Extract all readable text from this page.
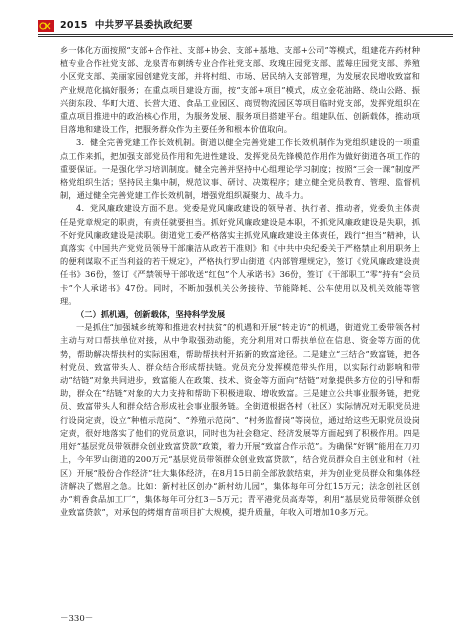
2015 中共罗平县委执政纪要

乡一体化方面按照“支部+合作社、支部+协会、支部+基地、支部+公司”等模式，组建花卉药材种植专业合作社党支部、龙泉青布刺绣专业合作社党支部、玫瑰庄园党支部、蓝莓庄园党支部、养殖小区党支部、美丽家园创建党支部，并将村组、市场、居民纳入支部管理，为发展农民增收致富和产业规范化搞好服务；在重点项目建设方面，按“支部+项目”模式，成立金花油路、绕山公路、振兴街东段、华町大道、长营大道、食品工业园区、商贸物流园区等项目临时党支部，发挥党组织在重点项目推进中的政治核心作用，为服务发展、服务项目搭建平台。组建队伍、创新载体，推动项目落地和建设工作，把服务群众作为主要任务和根本价值取向。

3．健全完善党建工作长效机制。街道以健全完善党建工作长效机制作为党组织建设的一项重点工作来抓，把加强支部党员作用和先进性建设、发挥党员先锋模范作用作为做好街道各项工作的重要保证。一是强化学习培训制度。健全完善并坚持中心组理论学习制度；按照“三会一课”制度严格党组织生活；坚持民主集中制，规范议事、研讨、决策程序；建立健全党员教育、管理、监督机制，通过健全完善党建工作长效机制，增强党组织凝聚力、战斗力。

4．党风廉政建设方面不息。党委是党风廉政建设的领导者、执行者、推动者，党委负主体责任是党章规定的职责，有责任就要担当。抓好党风廉政建设是本职，不抓党风廉政建设是失职，抓不好党风廉政建设是渎职。街道党工委严格落实主抓党风廉政建设主体责任，践行“担当”精神，认真落实《中国共产党党员领导干部廉洁从政若干准则》和《中共中央纪委关于严格禁止利用职务上的便利谋取不正当利益的若干规定》，严格执行罗山街道《内部管理规定》，签订《党风廉政建设责任书》36份，签订《严禁领导干部收送“红包”个人承诺书》36份，签订《干部职工“零”持有“会员卡”个人承诺书》47份。同时，不断加强机关公务接待、节能降耗、公车使用以及机关效能等管理。

（二）抓机遇，创新载体，坚持科学发展

一是抓住“加强城乡统筹和推进农村扶贫”的机遇和开展“转走访”的机遇，街道党工委带领各村主动与对口帮扶单位对接，从中争取强劲动能，充分利用对口帮扶单位在信息、资金等方面的优势，帮助解决帮扶村的实际困难，帮助帮扶村开拓新的致富途径。二是建立“三结合”致富链，把各村党员、致富带头人、群众结合形成帮扶链。党员充分发挥模范带头作用，以实际行动影响和带动“结链”对象共同进步，致富能人在政策、技术、资金等方面向“结链”对象提供多方位的引导和帮助，群众在“结链”对象的大力支持和帮助下积极进取、增收致富。三是建立公共事业服务链，把党员、致富带头人和群众结合形成社会事业服务链。全街道根据各村（社区）实际情况对无职党员进行设岗定责，设立“种植示范岗”、“养殖示范岗”、“村务监督岗”等岗位，通过给这些无职党员设岗定责，很好地落实了他们的党员意识，同时也为社会稳定、经济发展等方面起到了积极作用。四是用好“基层党员带领群众创业致富贷款”政策，着力开展“致富合作示范”。为确保“好钢”能用在刀刃上，今年罗山街道的200万元“基层党员带领群众创业致富贷款”，结合党员群众自主创业和村（社区）开展“股份合作经济”壮大集体经济，在8月15日前全部放款结束，并为创业党员群众和集体经济解决了燃眉之急。比如：新村社区创办“新村幼儿园”，集体每年可分红15万元；法念创社区创办“莉香食品加工厂”，集体每年可分红3－5万元；青平港党员高寿等，利用“基层党员带领群众创业致富贷款”，对承包的烤烟育苗项目扩大规模，提升质量，年收入可增加10多万元。

－330－
